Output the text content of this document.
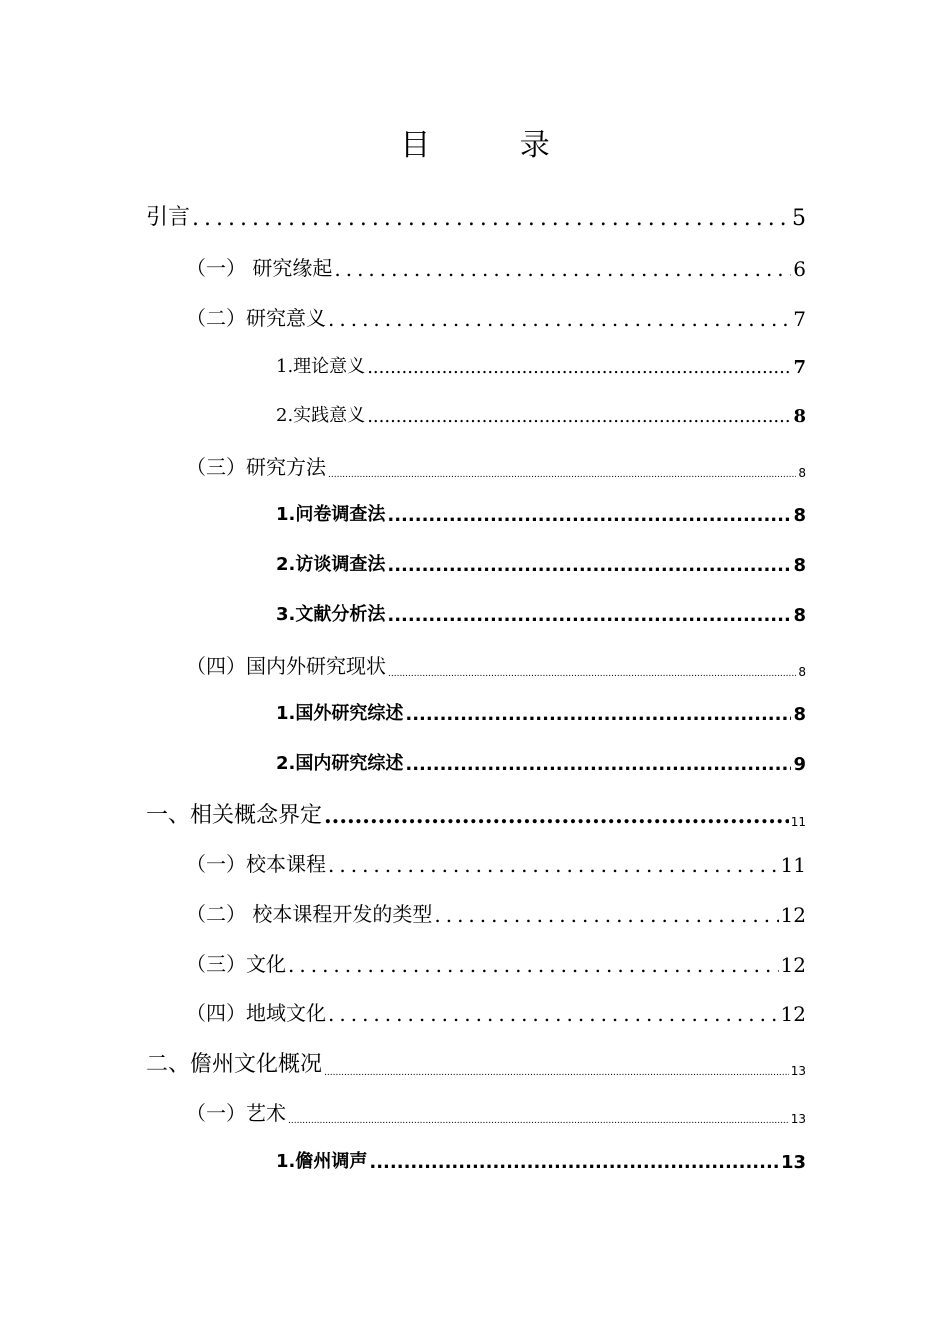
目 录
引言 .....	5
（一） 研究缘起 .....	6
（二）研究意义 .....	7
1.理论意义 .....	7
2.实践意义 .....	8
（三）研究方法 .....	8
1.问卷调查法 .....	8
2.访谈调查法 .....	8
3.文献分析法 .....	8
（四）国内外研究现状 .....	8
1.国外研究综述 .....	8
2.国内研究综述 .....	9
一、相关概念界定 .....	11
（一）校本课程 .....	11
（二） 校本课程开发的类型 .....	12
（三）文化 .....	12
（四）地域文化 .....	12
二、儋州文化概况 .....	13
（一）艺术 .....	13
1.儋州调声 .....	13
